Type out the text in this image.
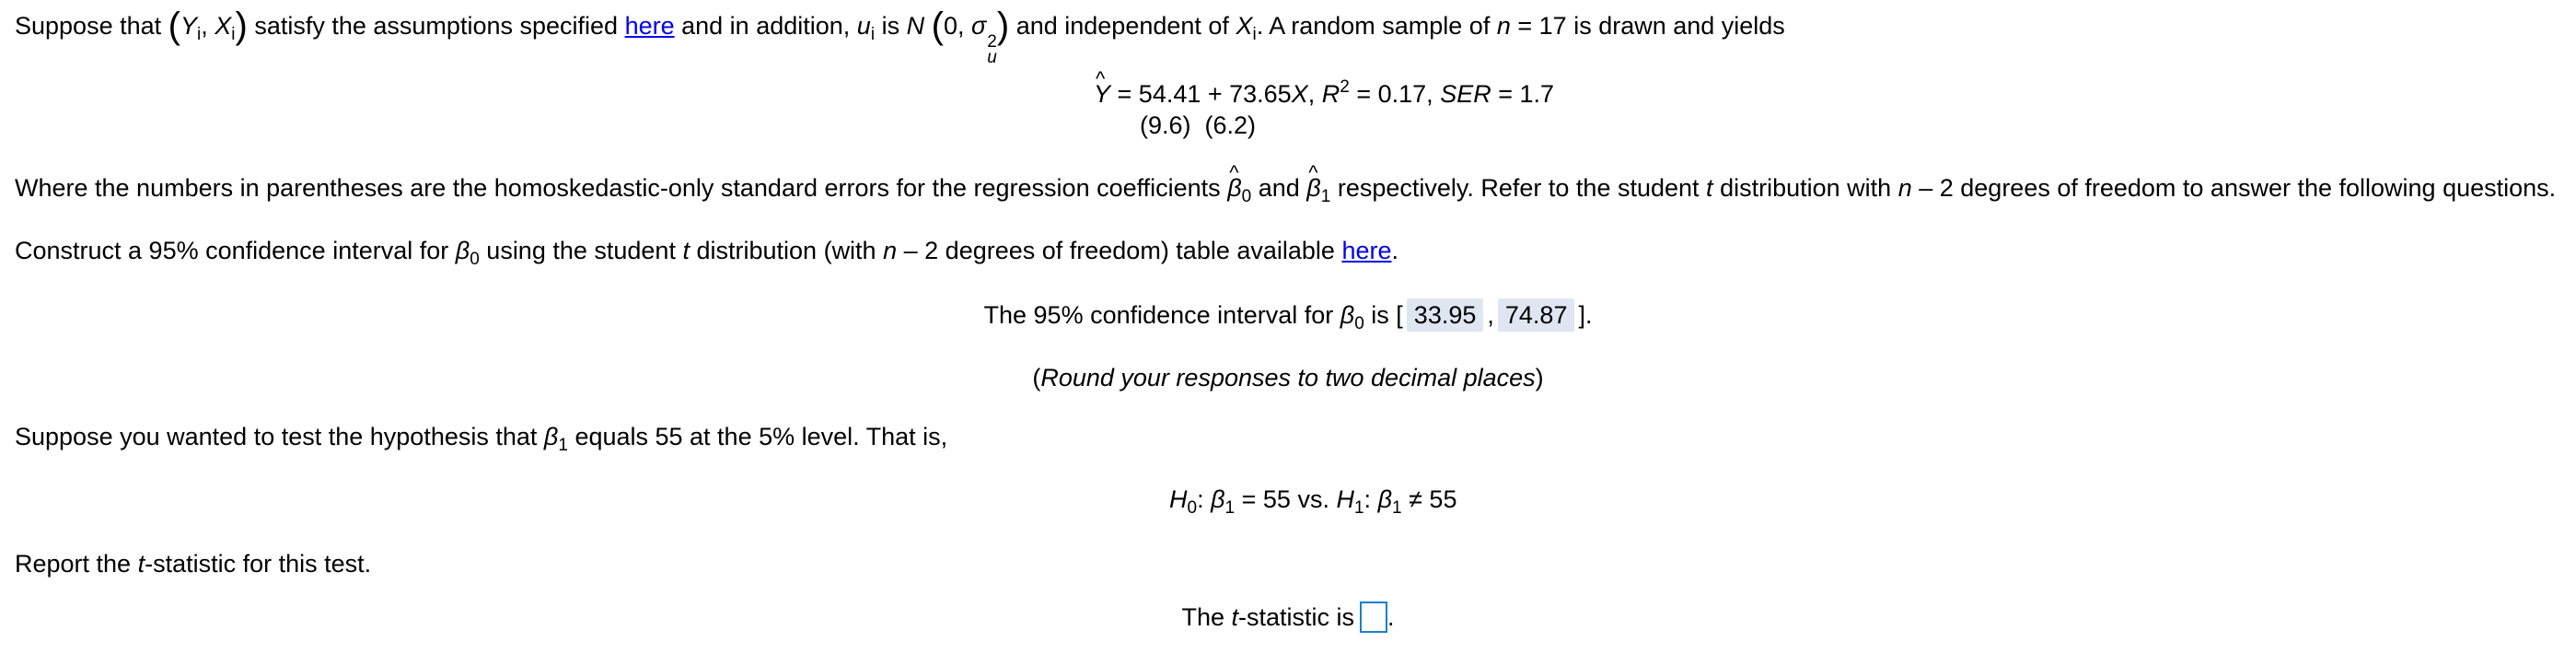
Suppose that ($Y_i$, $X_i$) satisfy the assumptions specified here and in addition, $u_i$ is N (0, σ
2
u
) and independent of $X_i$. A random sample of n = 17 is drawn and yields
^ Y = 54.41 + 73.65X, $R^2 = 0.17$, SER = 1.7
(9.6)  (6.2)
Where the numbers in parentheses are the homoskedastic-only standard errors for the regression coefficients ^ $\beta_0$ and ^ $\beta_1$ respectively. Refer to the student t distribution with n – 2 degrees of freedom to answer the following questions.
Construct a 95% confidence interval for $\beta_0$ using the student t distribution (with n – 2 degrees of freedom) table available here.
The 95% confidence interval for $\beta_0$ is [ 33.95 , 74.87 ].
(Round your responses to two decimal places)
Suppose you wanted to test the hypothesis that $\beta_1$ equals 55 at the 5% level. That is,
$H_0$: $\beta_1 = 55$ vs. $H_1$: $\beta_1 \ne 55$
Report the t-statistic for this test.
The t-statistic is .
